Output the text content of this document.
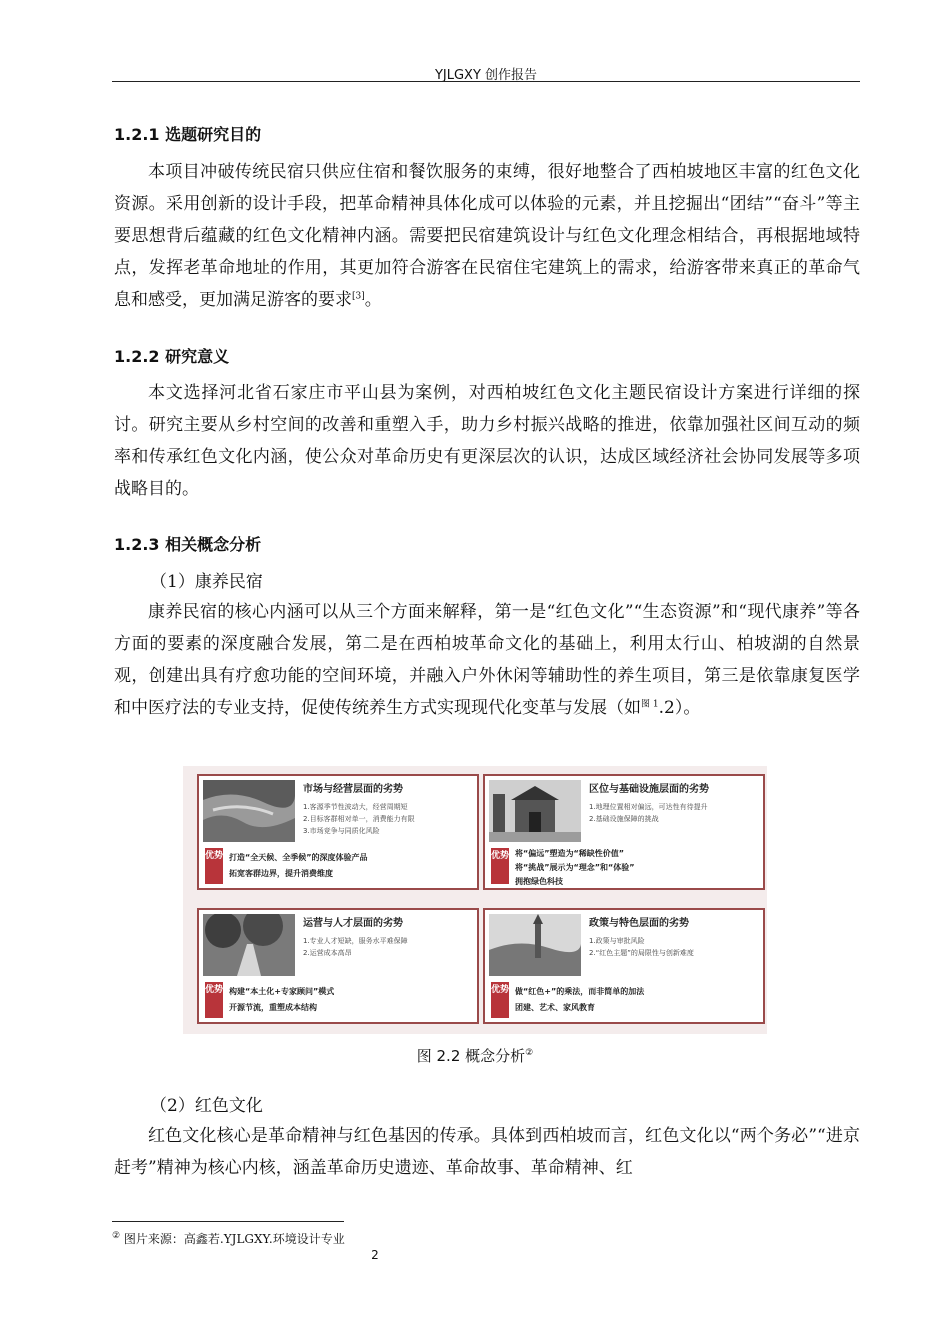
YJLGXY 创作报告
1.2.1 选题研究目的

本项目冲破传统民宿只供应住宿和餐饮服务的束缚，很好地整合了西柏坡地区丰富的红色文化资源。采用创新的设计手段，把革命精神具体化成可以体验的元素，并且挖掘出“团结”“奋斗”等主要思想背后蕴藏的红色文化精神内涵。需要把民宿建筑设计与红色文化理念相结合，再根据地域特点，发挥老革命地址的作用，其更加符合游客在民宿住宅建筑上的需求，给游客带来真正的革命气息和感受，更加满足游客的要求[3]。

1.2.2 研究意义

本文选择河北省石家庄市平山县为案例，对西柏坡红色文化主题民宿设计方案进行详细的探讨。研究主要从乡村空间的改善和重塑入手，助力乡村振兴战略的推进，依靠加强社区间互动的频率和传承红色文化内涵，使公众对革命历史有更深层次的认识，达成区域经济社会协同发展等多项战略目的。

1.2.3 相关概念分析
（1）康养民宿

康养民宿的核心内涵可以从三个方面来解释，第一是“红色文化”“生态资源”和“现代康养”等各方面的要素的深度融合发展，第二是在西柏坡革命文化的基础上，利用太行山、柏坡湖的自然景观，创建出具有疗愈功能的空间环境，并融入户外休闲等辅助性的养生项目，第三是依靠康复医学和中医疗法的专业支持，促使传统养生方式实现现代化变革与发展（如$^{图 1}$.2）。

市场与经营层面的劣势
1.客源季节性波动大，经营周期短
2.目标客群相对单一，消费能力有限
3.市场竞争与同质化风险
优势 打造“全天候、全季候”的深度体验产品
拓宽客群边界，提升消费维度
区位与基础设施层面的劣势
1.地理位置相对偏远，可达性有待提升
2.基础设施保障的挑战
优势 将“偏远”塑造为“稀缺性价值”
将“挑战”展示为“理念”和“体验”
拥抱绿色科技
运营与人才层面的劣势
1.专业人才短缺，服务水平难保障
2.运营成本高昂
优势 构建“本土化+专家顾问”模式
开源节流，重塑成本结构
政策与特色层面的劣势
1.政策与审批风险
2.“红色主题”的局限性与创新难度
优势 做“红色+”的乘法，而非简单的加法
团建、艺术、家风教育
图 2.2 概念分析②
（2）红色文化

红色文化核心是革命精神与红色基因的传承。具体到西柏坡而言，红色文化以“两个务必”“进京赶考”精神为核心内核，涵盖革命历史遗迹、革命故事、革命精神、红

② 图片来源：高鑫若.YJLGXY.环境设计专业
2
